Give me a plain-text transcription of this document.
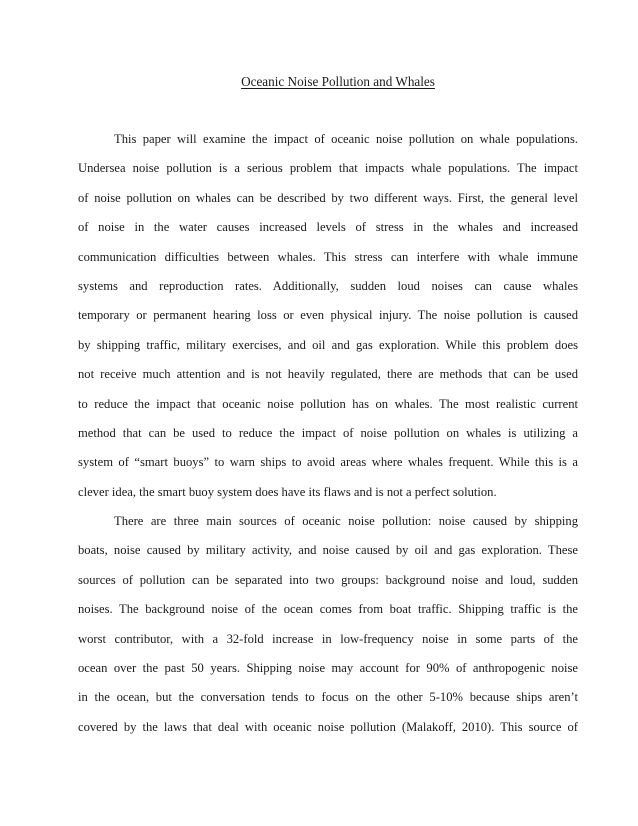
Oceanic Noise Pollution and Whales
This paper will examine the impact of oceanic noise pollution on whale populations.
Undersea noise pollution is a serious problem that impacts whale populations. The impact
of noise pollution on whales can be described by two different ways. First, the general level
of noise in the water causes increased levels of stress in the whales and increased
communication difficulties between whales. This stress can interfere with whale immune
systems and reproduction rates. Additionally, sudden loud noises can cause whales
temporary or permanent hearing loss or even physical injury. The noise pollution is caused
by shipping traffic, military exercises, and oil and gas exploration. While this problem does
not receive much attention and is not heavily regulated, there are methods that can be used
to reduce the impact that oceanic noise pollution has on whales. The most realistic current
method that can be used to reduce the impact of noise pollution on whales is utilizing a
system of “smart buoys” to warn ships to avoid areas where whales frequent. While this is a
clever idea, the smart buoy system does have its flaws and is not a perfect solution.
There are three main sources of oceanic noise pollution: noise caused by shipping
boats, noise caused by military activity, and noise caused by oil and gas exploration. These
sources of pollution can be separated into two groups: background noise and loud, sudden
noises. The background noise of the ocean comes from boat traffic. Shipping traffic is the
worst contributor, with a 32-fold increase in low-frequency noise in some parts of the
ocean over the past 50 years. Shipping noise may account for 90% of anthropogenic noise
in the ocean, but the conversation tends to focus on the other 5-10% because ships aren’t
covered by the laws that deal with oceanic noise pollution (Malakoff, 2010). This source of
